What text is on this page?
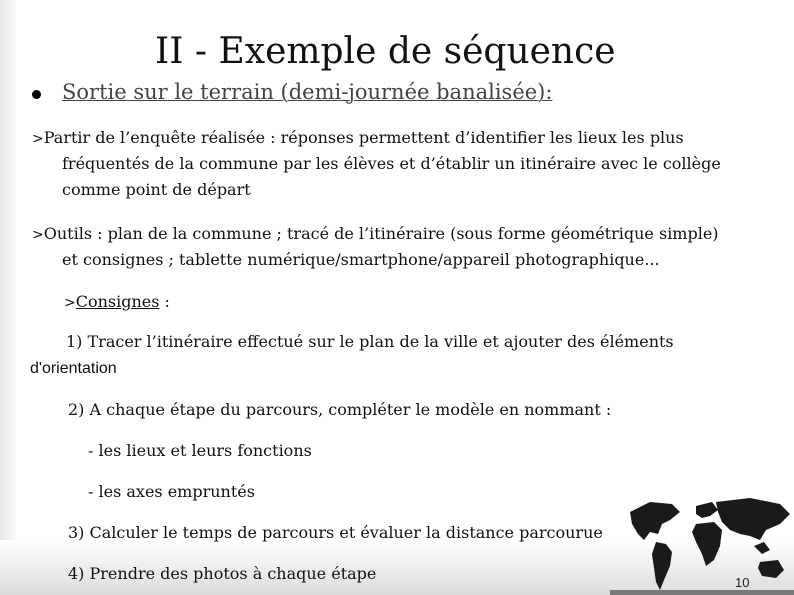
II - Exemple de séquence
Sortie sur le terrain (demi-journée banalisée):
>Partir de l’enquête réalisée : réponses permettent d’identifier les lieux les plus
fréquentés de la commune par les élèves et d’établir un itinéraire avec le collège
comme point de départ
>Outils : plan de la commune ; tracé de l’itinéraire (sous forme géométrique simple)
et consignes ; tablette numérique/smartphone/appareil photographique...
>Consignes :
1) Tracer l’itinéraire effectué sur le plan de la ville et ajouter des éléments
d'orientation
2) A chaque étape du parcours, compléter le modèle en nommant :
- les lieux et leurs fonctions
- les axes empruntés
3) Calculer le temps de parcours et évaluer la distance parcourue
4) Prendre des photos à chaque étape	10
